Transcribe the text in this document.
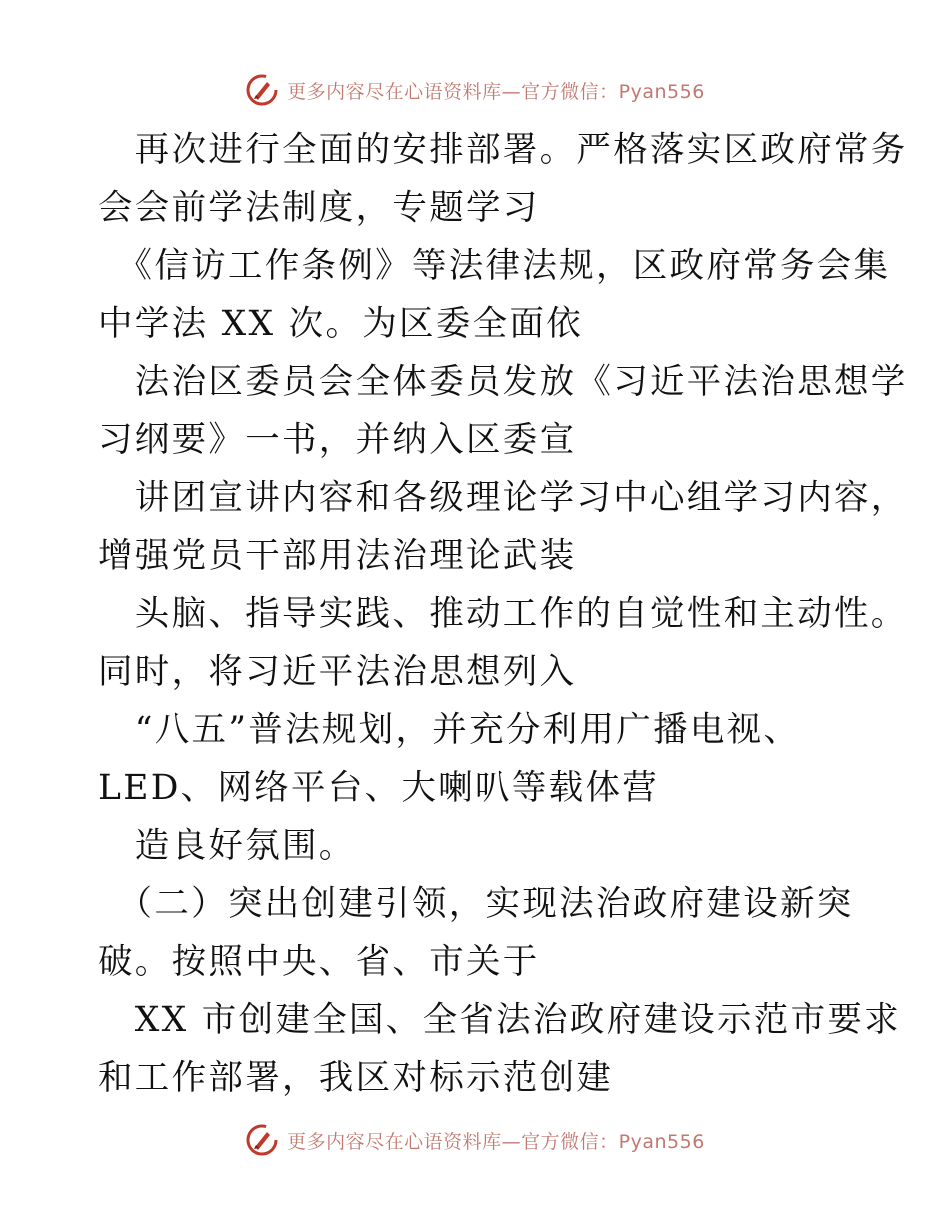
更多内容尽在心语资料库—官方微信：Pyan556
　再次进行全面的安排部署。严格落实区政府常务
会会前学法制度，专题学习
　《信访工作条例》等法律法规，区政府常务会集
中学法 XX 次。为区委全面依
　法治区委员会全体委员发放《习近平法治思想学
习纲要》一书，并纳入区委宣
　讲团宣讲内容和各级理论学习中心组学习内容，
增强党员干部用法治理论武装
　头脑、指导实践、推动工作的自觉性和主动性。
同时，将习近平法治思想列入
　“八五”普法规划，并充分利用广播电视、
LED、网络平台、大喇叭等载体营
　造良好氛围。
　（二）突出创建引领，实现法治政府建设新突
破。按照中央、省、市关于
　XX 市创建全国、全省法治政府建设示范市要求
和工作部署，我区对标示范创建
更多内容尽在心语资料库—官方微信：Pyan556
